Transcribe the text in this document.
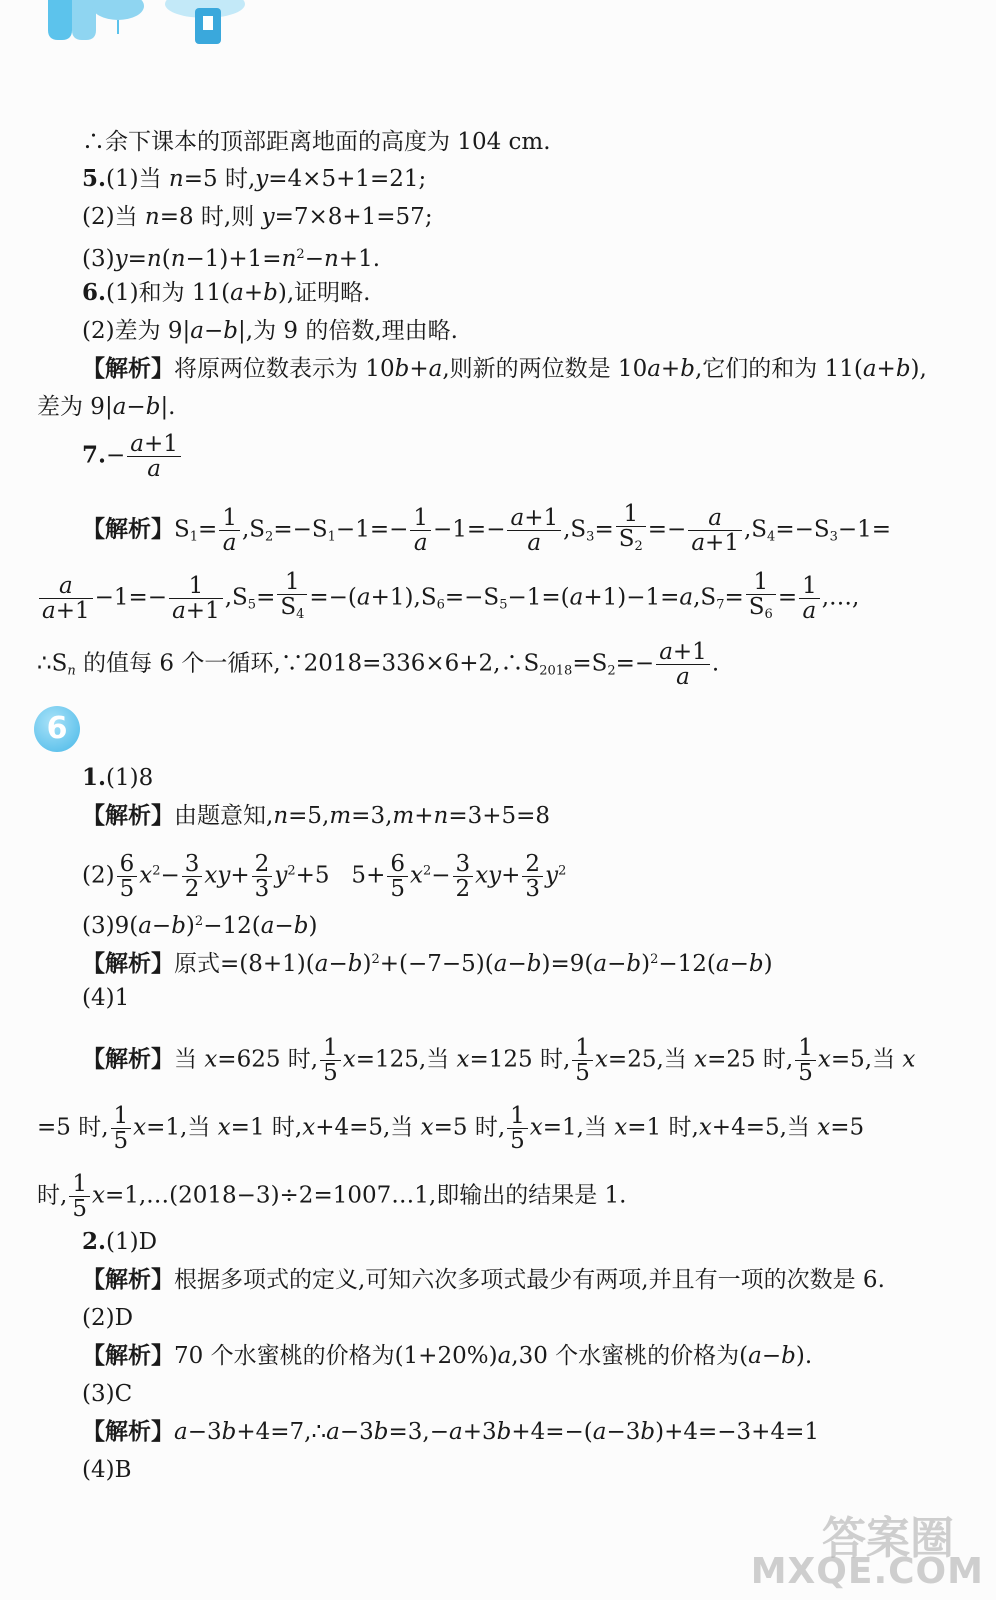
∴余下课本的顶部距离地面的高度为 104 cm.
5.(1)当 n=5 时,y=4×5+1=21;
(2)当 n=8 时,则 y=7×8+1=57;
$(3)y=n(n-1)+1=n^2-n+1$.
6.(1)和为 11(a+b),证明略.
(2)差为 9|a−b|,为 9 的倍数,理由略.
【解析】将原两位数表示为 10b+a,则新的两位数是 10a+b,它们的和为 11(a+b),
差为 9|a−b|.
$7.- \frac{a+1}{a}$
【解析】$S_1= \frac{1}{a} ,S_2=-S_1-1=- \frac{1}{a} -1=- \frac{a+1}{a} ,S_3= \frac{1}{S_2} =- \frac{a}{a+1} ,S_4=-S_3-1=$
$\frac{a}{a+1} -1=- \frac{1}{a+1} ,S_5= \frac{1}{S_4} =-(a+1),S_6=-S_5-1=(a+1)-1=a,S_7= \frac{1}{S_6} = \frac{1}{a}$ ,…,
$\therefore S_n$ 的值每 6 个一循环$,\because 2018=336\times 6+2,\therefore S_{2018}=S_2=- \frac{a+1}{a}$ .
6
1.(1)8
【解析】由题意知,n=5,m=3,m+n=3+5=8
$(2) \frac{6}{5} x^2- \frac{3}{2} xy+ \frac{2}{3} y^2+5$   $5+ \frac{6}{5} x^2- \frac{3}{2} xy+ \frac{2}{3} y^2$
$(3)9(a-b)^2-12(a-b)$
【解析】原式$=(8+1)(a-b)^2+(-7-5)(a-b)=9(a-b)^2-12(a-b)$
(4)1
【解析】当 x=625 时, $\frac{1}{5} x=125$,当 x=125 时, $\frac{1}{5} x=25$,当 x=25 时, $\frac{1}{5} x=5$,当 x
=5 时, $\frac{1}{5} x=1$,当 x=1 时,x+4=5,当 x=5 时, $\frac{1}{5} x=1$,当 x=1 时,x+4=5,当 x=5
时, $\frac{1}{5}$ x=1,…(2018−3)÷2=1007…1,即输出的结果是 1.
2.(1)D
【解析】根据多项式的定义,可知六次多项式最少有两项,并且有一项的次数是 6.
(2)D
【解析】70 个水蜜桃的价格为(1+20%)a,30 个水蜜桃的价格为(a−b).
(3)C
【解析】a−3b+4=7,∴a−3b=3,−a+3b+4=−(a−3b)+4=−3+4=1
(4)B
答案圈
MXQE.COM
